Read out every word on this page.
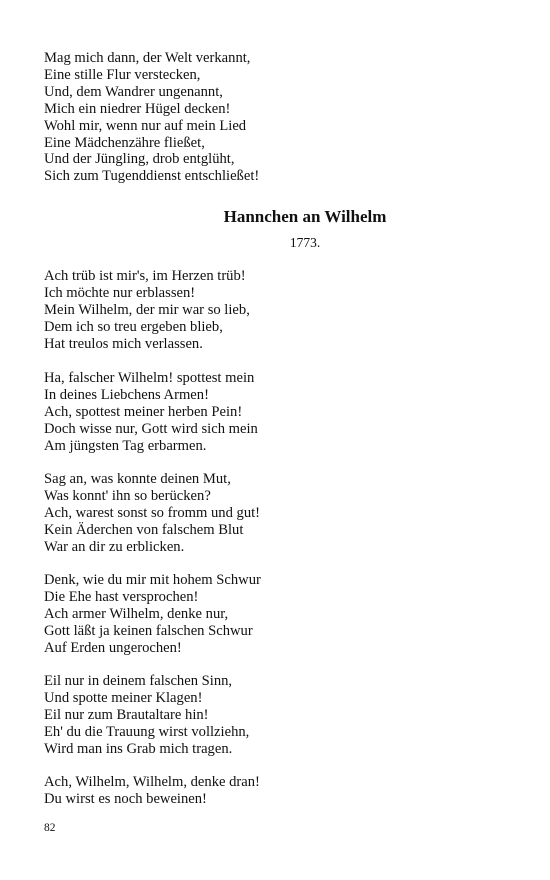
Mag mich dann, der Welt verkannt,
Eine stille Flur verstecken,
Und, dem Wandrer ungenannt,
Mich ein niedrer Hügel decken!
Wohl mir, wenn nur auf mein Lied
Eine Mädchenzähre fließet,
Und der Jüngling, drob entglüht,
Sich zum Tugenddienst entschließet!
Hannchen an Wilhelm
1773.
Ach trüb ist mir's, im Herzen trüb!
Ich möchte nur erblassen!
Mein Wilhelm, der mir war so lieb,
Dem ich so treu ergeben blieb,
Hat treulos mich verlassen.
Ha, falscher Wilhelm! spottest mein
In deines Liebchens Armen!
Ach, spottest meiner herben Pein!
Doch wisse nur, Gott wird sich mein
Am jüngsten Tag erbarmen.
Sag an, was konnte deinen Mut,
Was konnt' ihn so berücken?
Ach, warest sonst so fromm und gut!
Kein Äderchen von falschem Blut
War an dir zu erblicken.
Denk, wie du mir mit hohem Schwur
Die Ehe hast versprochen!
Ach armer Wilhelm, denke nur,
Gott läßt ja keinen falschen Schwur
Auf Erden ungerochen!
Eil nur in deinem falschen Sinn,
Und spotte meiner Klagen!
Eil nur zum Brautaltare hin!
Eh' du die Trauung wirst vollziehn,
Wird man ins Grab mich tragen.
Ach, Wilhelm, Wilhelm, denke dran!
Du wirst es noch beweinen!
82
